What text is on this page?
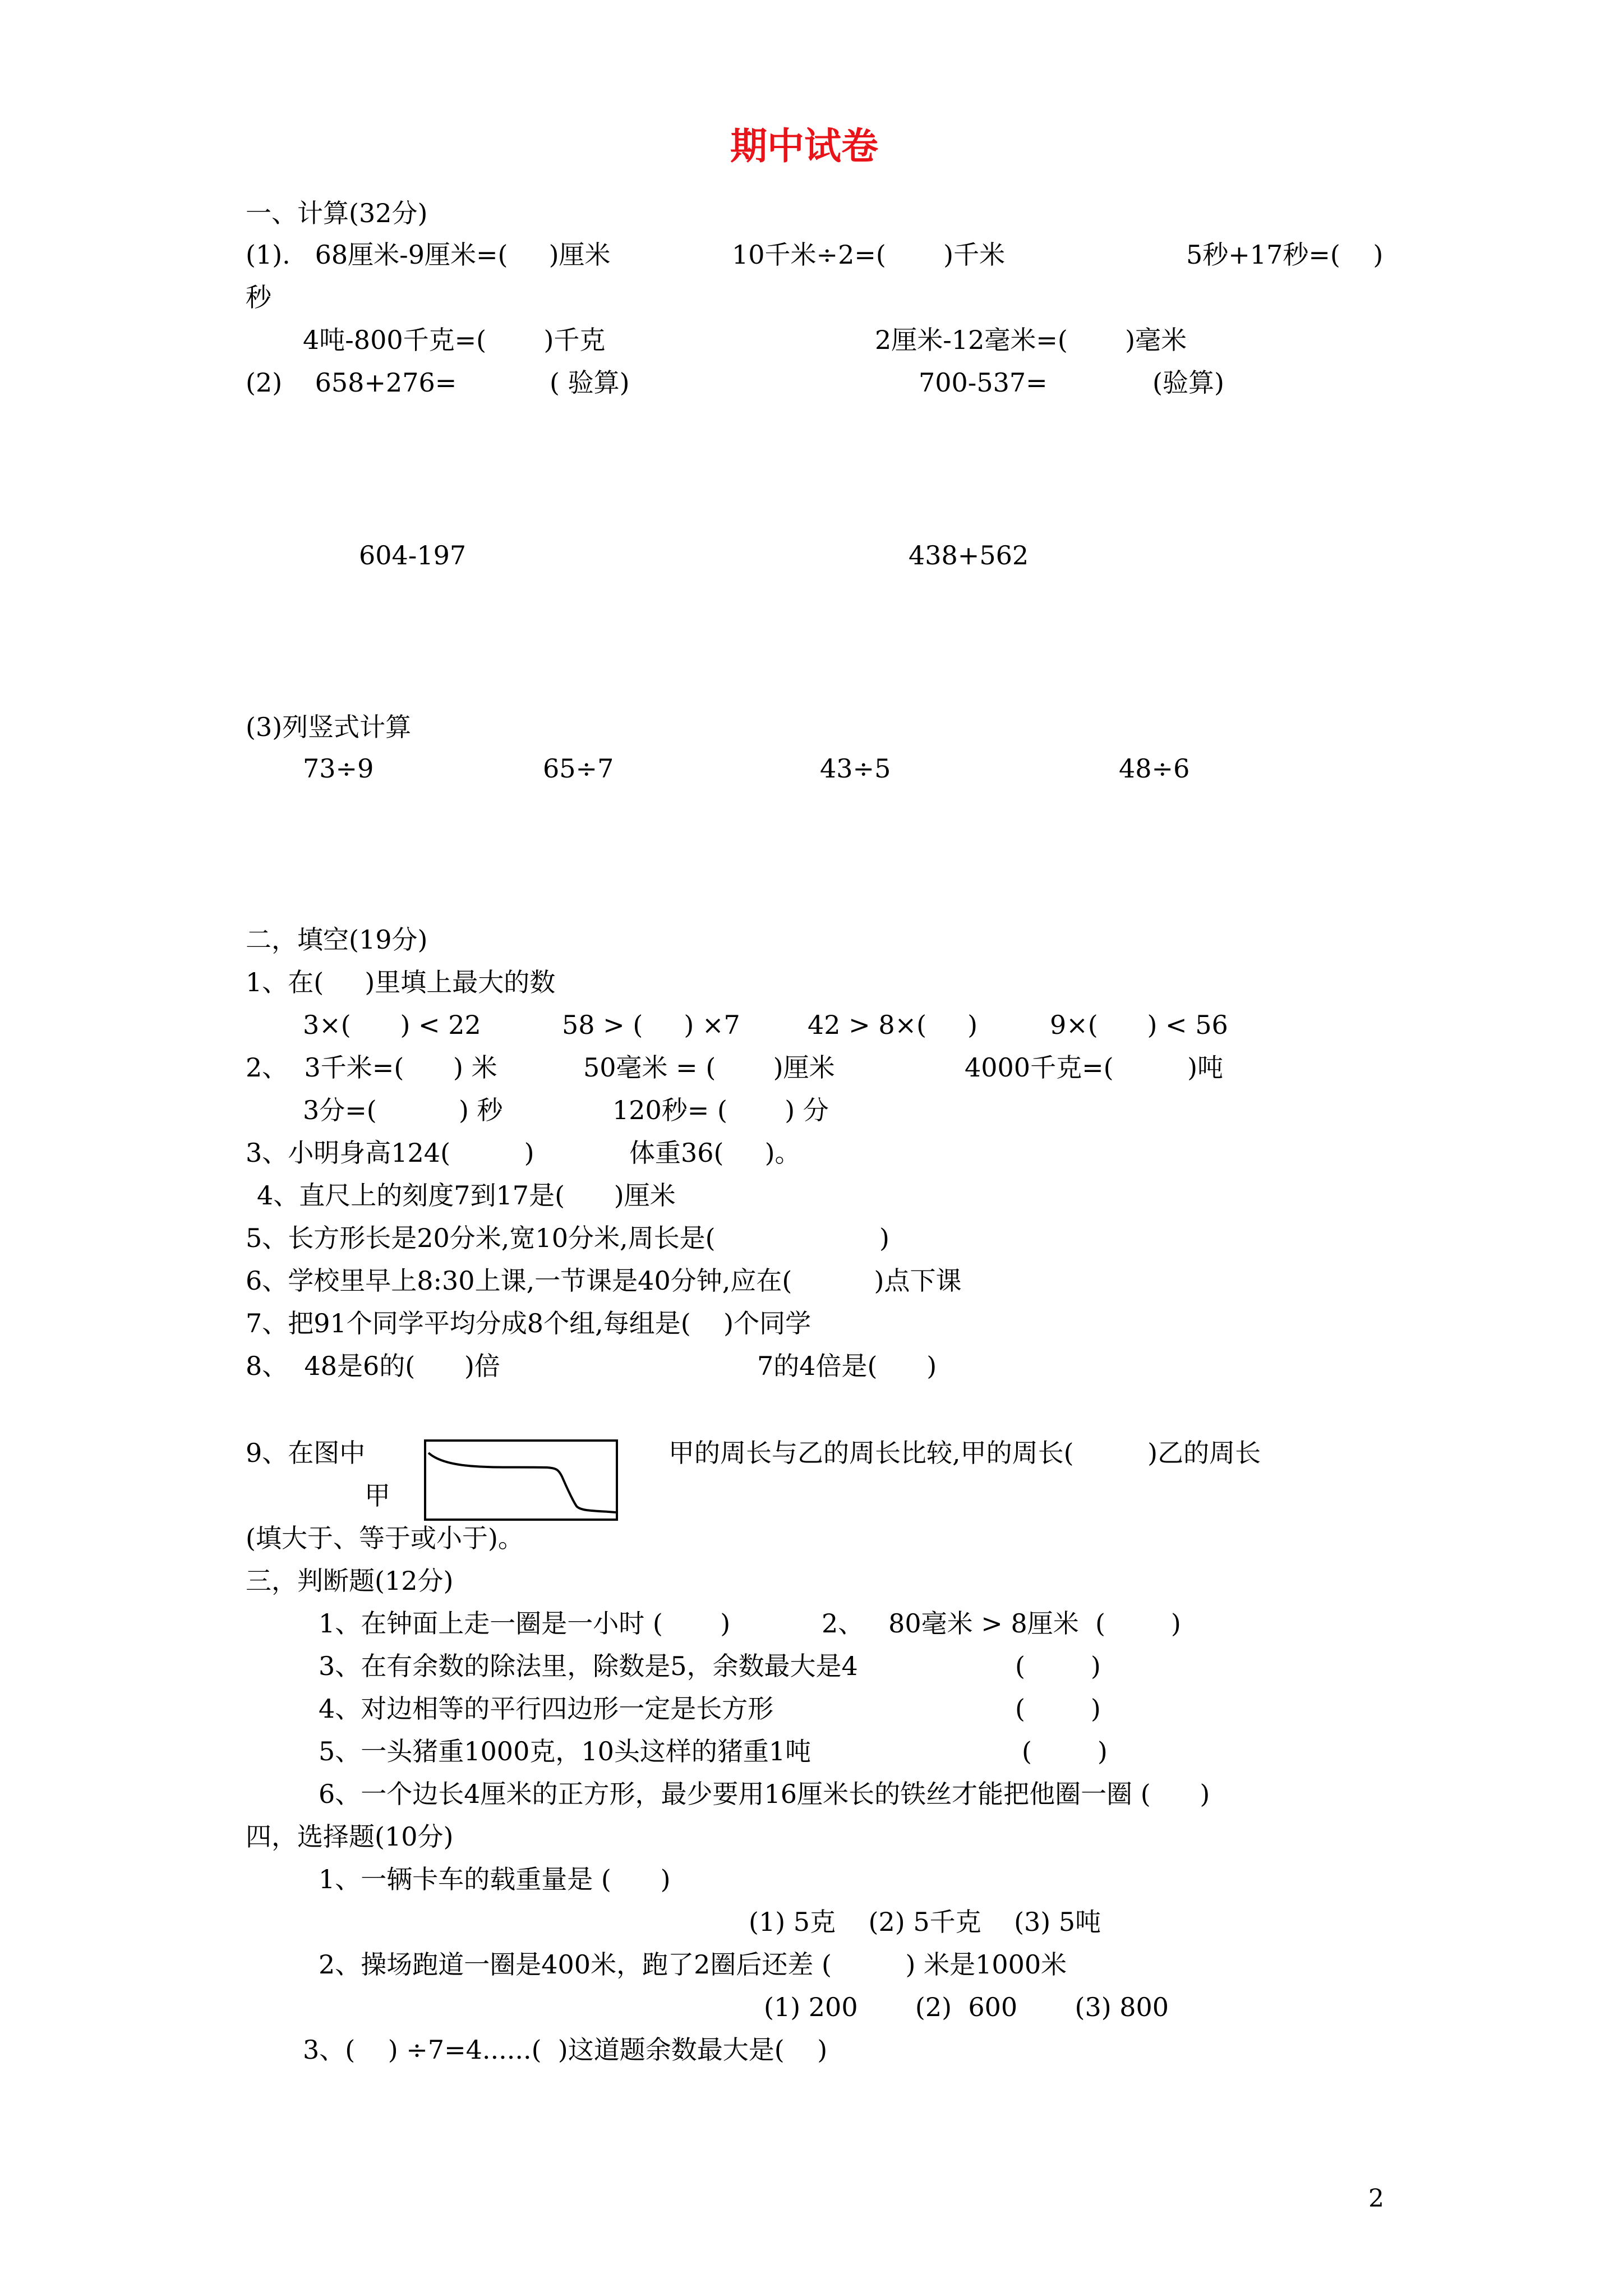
期中试卷
一、计算(32分)
(1).   68厘米-9厘米=(     )厘米	10千米÷2=(       )千米	5秒+17秒=(    )
秒
4吨-800千克=(       )千克	2厘米-12毫米=(       )毫米
(2)    658+276=	( 验算)	700-537=	(验算)
604-197	438+562
(3)列竖式计算
73÷9	65÷7	43÷5	48÷6
二，填空(19分)
1、在(     )里填上最大的数
3×(      ) < 22	58 > (     ) ×7	42 > 8×(     )	9×(      ) < 56
2、  3千米=(      ) 米	50毫米 = (       )厘米	4000千克=(         )吨
3分=(          ) 秒	120秒= (       ) 分
3、小明身高124(         )	体重36(     )。
4、直尺上的刻度7到17是(      )厘米
5、长方形长是20分米,宽10分米,周长是(                    )
6、学校里早上8:30上课,一节课是40分钟,应在(          )点下课
7、把91个同学平均分成8个组,每组是(    )个同学
8、  48是6的(      )倍	7的4倍是(      )
9、在图中
甲
甲的周长与乙的周长比较,甲的周长(         )乙的周长
(填大于、等于或小于)。
三，判断题(12分)
1、在钟面上走一圈是一小时 (       )	2、   80毫米 > 8厘米  (        )
3、在有余数的除法里，除数是5，余数最大是4	(        )
4、对边相等的平行四边形一定是长方形	(        )
5、一头猪重1000克，10头这样的猪重1吨	(        )
6、一个边长4厘米的正方形，最少要用16厘米长的铁丝才能把他圈一圈 (      )
四，选择题(10分)
1、一辆卡车的载重量是 (      )
(1) 5克    (2) 5千克    (3) 5吨
2、操场跑道一圈是400米，跑了2圈后还差 (         ) 米是1000米
(1) 200       (2)  600       (3) 800
3、(    ) ÷7=4......(  )这道题余数最大是(    )
2
